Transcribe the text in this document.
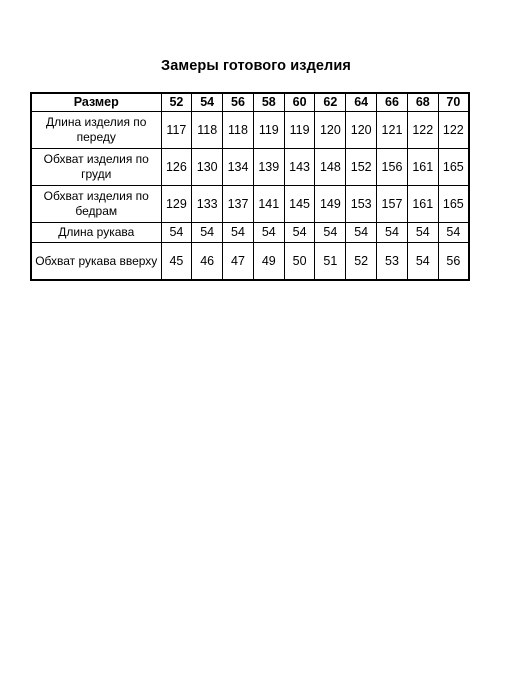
Замеры готового изделия
Размер	52	54	56	58	60	62	64	66	68	70
Длина изделия по переду	117	118	118	119	119	120	120	121	122	122
Обхват изделия по груди	126	130	134	139	143	148	152	156	161	165
Обхват изделия по бедрам	129	133	137	141	145	149	153	157	161	165
Длина рукава	54	54	54	54	54	54	54	54	54	54
Обхват рукава вверху	45	46	47	49	50	51	52	53	54	56
